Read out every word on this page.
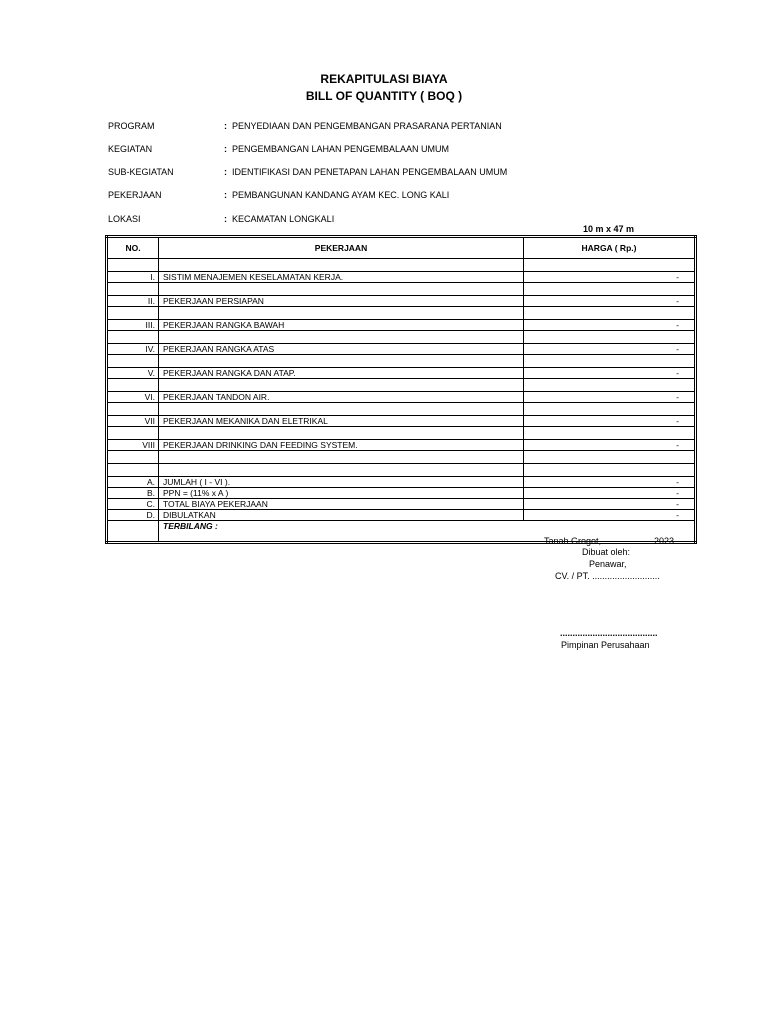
REKAPITULASI BIAYA
BILL OF QUANTITY ( BOQ )
PROGRAM	: PENYEDIAAN DAN PENGEMBANGAN PRASARANA PERTANIAN
KEGIATAN	: PENGEMBANGAN LAHAN PENGEMBALAAN UMUM
SUB-KEGIATAN	: IDENTIFIKASI DAN PENETAPAN LAHAN PENGEMBALAAN UMUM
PEKERJAAN	: PEMBANGUNAN KANDANG AYAM KEC. LONG KALI
LOKASI	: KECAMATAN LONGKALI
10 m x 47 m
NO.	PEKERJAAN	HARGA ( Rp.)

I.	SISTIM MENAJEMEN KESELAMATAN KERJA.	-

II.	PEKERJAAN PERSIAPAN	-

III.	PEKERJAAN RANGKA BAWAH	-

IV.	PEKERJAAN RANGKA ATAS	-

V.	PEKERJAAN RANGKA DAN ATAP.	-

VI.	PEKERJAAN TANDON AIR.	-

VII	PEKERJAAN MEKANIKA DAN ELETRIKAL	-

VIII	PEKERJAAN DRINKING DAN FEEDING SYSTEM.	-

A.	JUMLAH ( I - VI ).	-
B.	PPN = (11% x A )	-
C.	TOTAL BIAYA PEKERJAAN	-
D.	DIBULATKAN	-
	TERBILANG :	
Tanah Grogot,	2023
Dibuat oleh:
Penawar,
CV. / PT. ...........................
.......................................
Pimpinan Perusahaan
